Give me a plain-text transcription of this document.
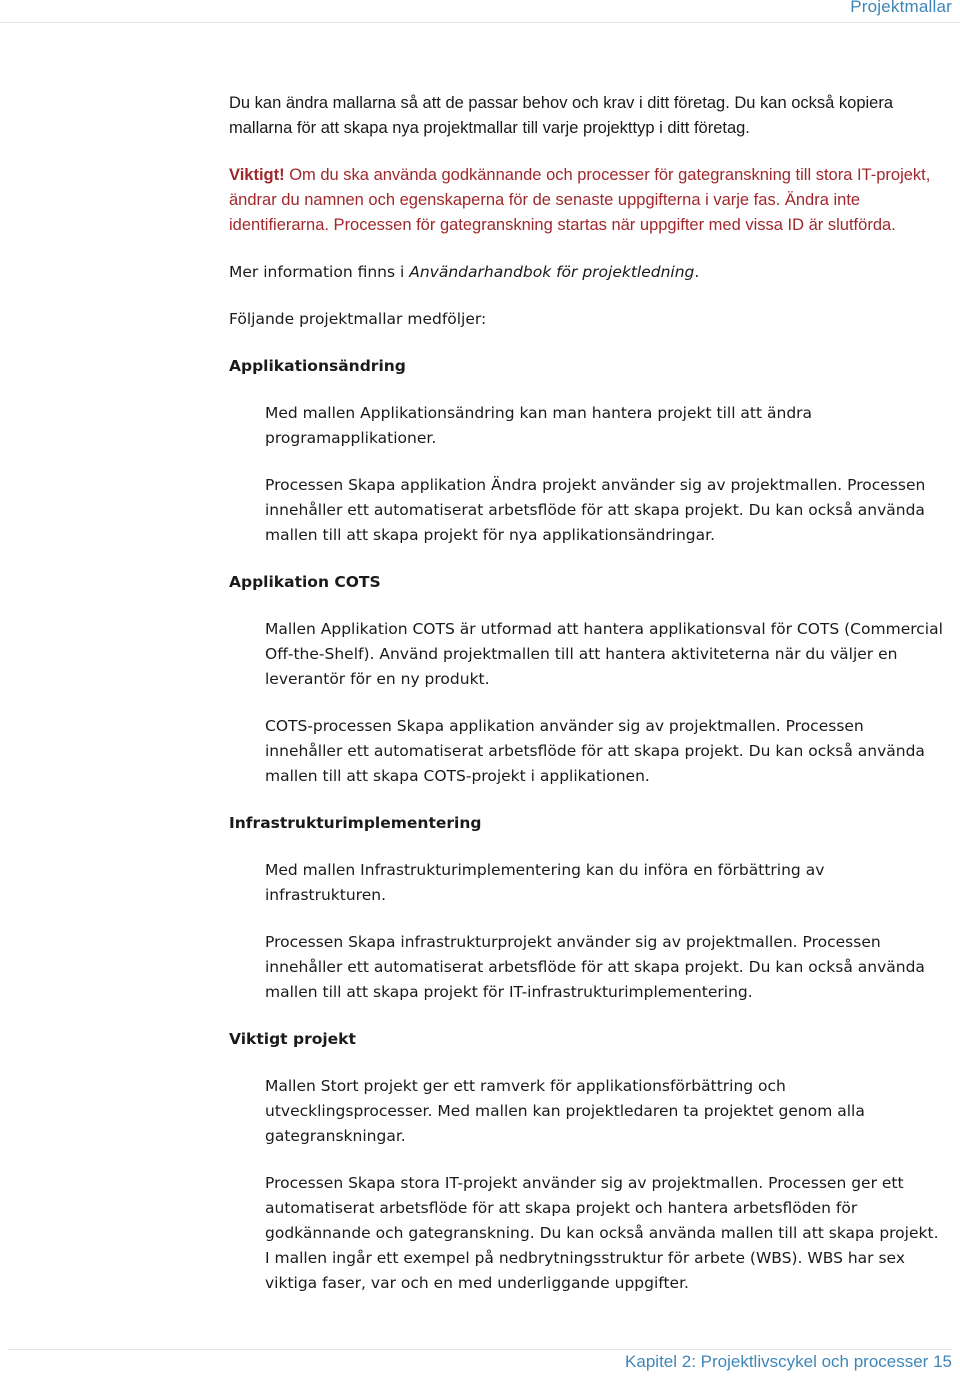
Projektmallar

Du kan ändra mallarna så att de passar behov och krav i ditt företag. Du kan också kopiera mallarna för att skapa nya projektmallar till varje projekttyp i ditt företag.

Viktigt! Om du ska använda godkännande och processer för gategranskning till stora IT-projekt, ändrar du namnen och egenskaperna för de senaste uppgifterna i varje fas. Ändra inte identifierarna. Processen för gategranskning startas när uppgifter med vissa ID är slutförda.

Mer information finns i Användarhandbok för projektledning.

Följande projektmallar medföljer:

Applikationsändring

Med mallen Applikationsändring kan man hantera projekt till att ändra programapplikationer.

Processen Skapa applikation Ändra projekt använder sig av projektmallen. Processen innehåller ett automatiserat arbetsflöde för att skapa projekt. Du kan också använda mallen till att skapa projekt för nya applikationsändringar.

Applikation COTS

Mallen Applikation COTS är utformad att hantera applikationsval för COTS (Commercial Off-the-Shelf). Använd projektmallen till att hantera aktiviteterna när du väljer en leverantör för en ny produkt.

COTS-processen Skapa applikation använder sig av projektmallen. Processen innehåller ett automatiserat arbetsflöde för att skapa projekt. Du kan också använda mallen till att skapa COTS-projekt i applikationen.

Infrastrukturimplementering

Med mallen Infrastrukturimplementering kan du införa en förbättring av infrastrukturen.

Processen Skapa infrastrukturprojekt använder sig av projektmallen. Processen innehåller ett automatiserat arbetsflöde för att skapa projekt. Du kan också använda mallen till att skapa projekt för IT-infrastrukturimplementering.

Viktigt projekt

Mallen Stort projekt ger ett ramverk för applikationsförbättring och utvecklingsprocesser. Med mallen kan projektledaren ta projektet genom alla gategranskningar.

Processen Skapa stora IT-projekt använder sig av projektmallen. Processen ger ett automatiserat arbetsflöde för att skapa projekt och hantera arbetsflöden för godkännande och gategranskning. Du kan också använda mallen till att skapa projekt. I mallen ingår ett exempel på nedbrytningsstruktur för arbete (WBS). WBS har sex viktiga faser, var och en med underliggande uppgifter.

Kapitel 2: Projektlivscykel och processer 15
